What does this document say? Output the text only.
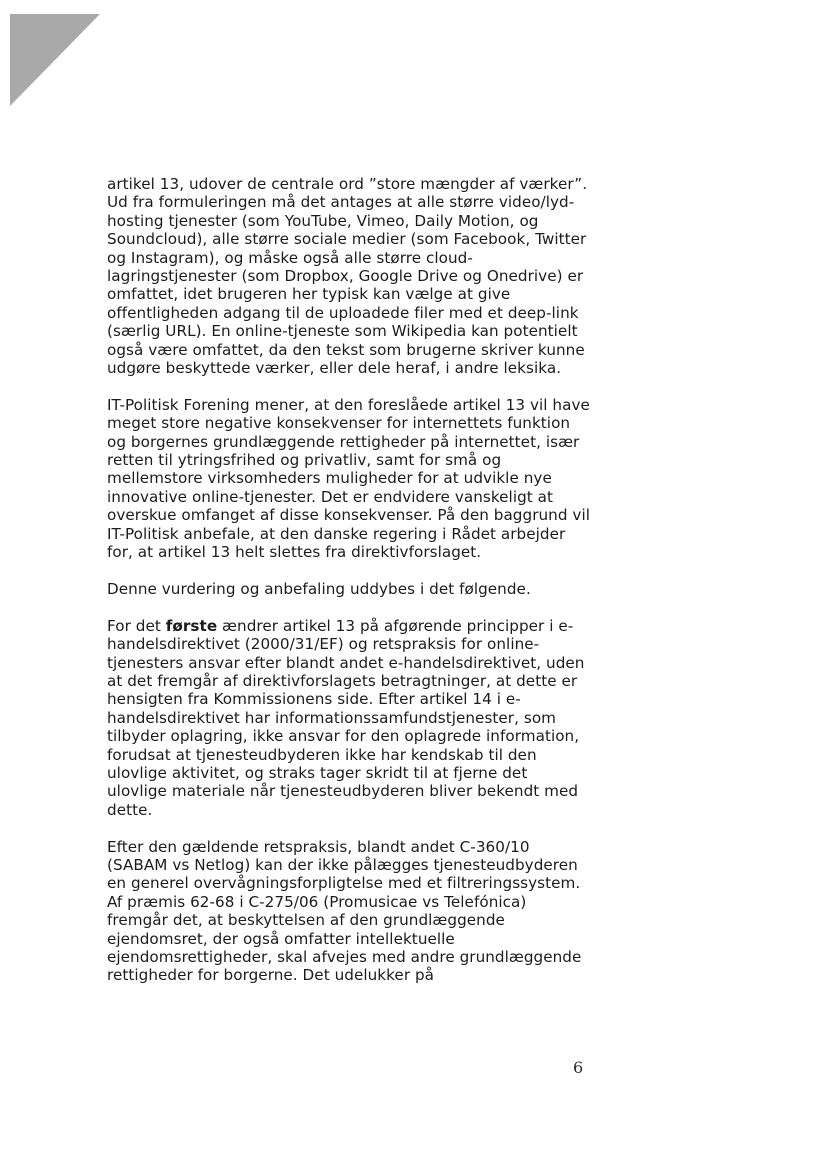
artikel 13, udover de centrale ord ”store mængder af værker”. Ud fra formuleringen må det antages at alle større video/lyd-hosting tjenester (som YouTube, Vimeo, Daily Motion, og Soundcloud), alle større sociale medier (som Facebook, Twitter og Instagram), og måske også alle større cloud-lagringstjenester (som Dropbox, Google Drive og Onedrive) er omfattet, idet brugeren her typisk kan vælge at give offentligheden adgang til de uploadede filer med et deep-link (særlig URL). En online-tjeneste som Wikipedia kan potentielt også være omfattet, da den tekst som brugerne skriver kunne udgøre beskyttede værker, eller dele heraf, i andre leksika.

IT-Politisk Forening mener, at den foreslåede artikel 13 vil have meget store negative konsekvenser for internettets funktion og borgernes grundlæggende rettigheder på internettet, især retten til ytringsfrihed og privatliv, samt for små og mellemstore virksomheders muligheder for at udvikle nye innovative online-tjenester. Det er endvidere vanskeligt at overskue omfanget af disse konsekvenser. På den baggrund vil IT-Politisk anbefale, at den danske regering i Rådet arbejder for, at artikel 13 helt slettes fra direktivforslaget.

Denne vurdering og anbefaling uddybes i det følgende.

For det første ændrer artikel 13 på afgørende principper i e-handelsdirektivet (2000/31/EF) og retspraksis for online-tjenesters ansvar efter blandt andet e-handelsdirektivet, uden at det fremgår af direktivforslagets betragtninger, at dette er hensigten fra Kommissionens side. Efter artikel 14 i e-handelsdirektivet har informationssamfundstjenester, som tilbyder oplagring, ikke ansvar for den oplagrede information, forudsat at tjenesteudbyderen ikke har kendskab til den ulovlige aktivitet, og straks tager skridt til at fjerne det ulovlige materiale når tjenesteudbyderen bliver bekendt med dette.

Efter den gældende retspraksis, blandt andet C-360/10 (SABAM vs Netlog) kan der ikke pålægges tjenesteudbyderen en generel overvågningsforpligtelse med et filtreringssystem. Af præmis 62-68 i C-275/06 (Promusicae vs Telefónica) fremgår det, at beskyttelsen af den grundlæggende ejendomsret, der også omfatter intellektuelle ejendomsrettigheder, skal afvejes med andre grundlæggende rettigheder for borgerne. Det udelukker på

6
